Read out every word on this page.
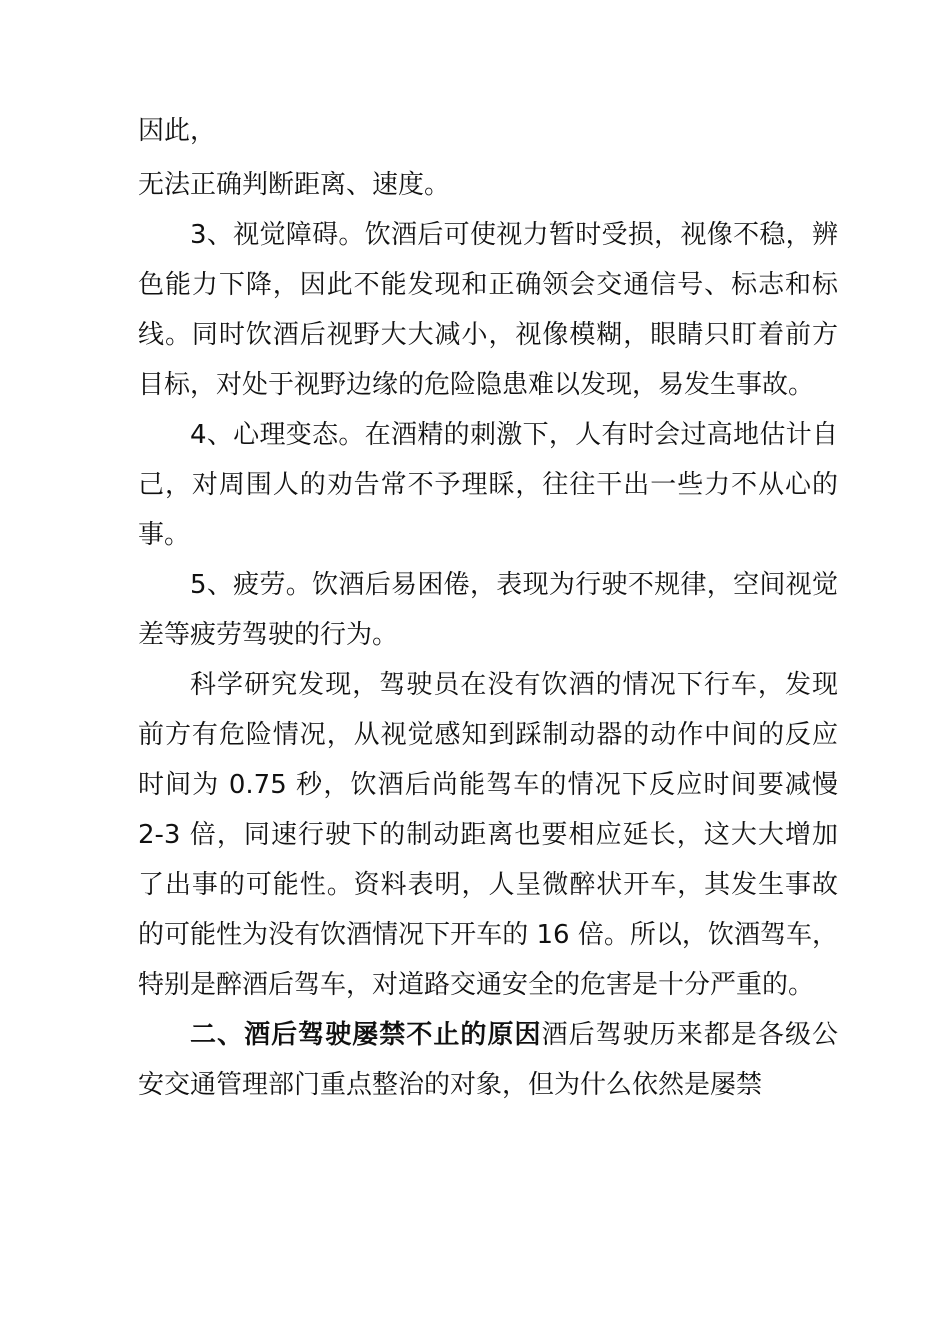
因此，

无法正确判断距离、速度。

3、视觉障碍。饮酒后可使视力暂时受损，视像不稳，辨色能力下降，因此不能发现和正确领会交通信号、标志和标线。同时饮酒后视野大大减小，视像模糊，眼睛只盯着前方目标，对处于视野边缘的危险隐患难以发现，易发生事故。

4、心理变态。在酒精的刺激下，人有时会过高地估计自己，对周围人的劝告常不予理睬，往往干出一些力不从心的事。

5、疲劳。饮酒后易困倦，表现为行驶不规律，空间视觉差等疲劳驾驶的行为。

科学研究发现，驾驶员在没有饮酒的情况下行车，发现前方有危险情况，从视觉感知到踩制动器的动作中间的反应时间为 0.75 秒，饮酒后尚能驾车的情况下反应时间要减慢 2-3 倍，同速行驶下的制动距离也要相应延长，这大大增加了出事的可能性。资料表明，人呈微醉状开车，其发生事故的可能性为没有饮酒情况下开车的 16 倍。所以，饮酒驾车，特别是醉酒后驾车，对道路交通安全的危害是十分严重的。

二、酒后驾驶屡禁不止的原因酒后驾驶历来都是各级公安交通管理部门重点整治的对象，但为什么依然是屡禁
